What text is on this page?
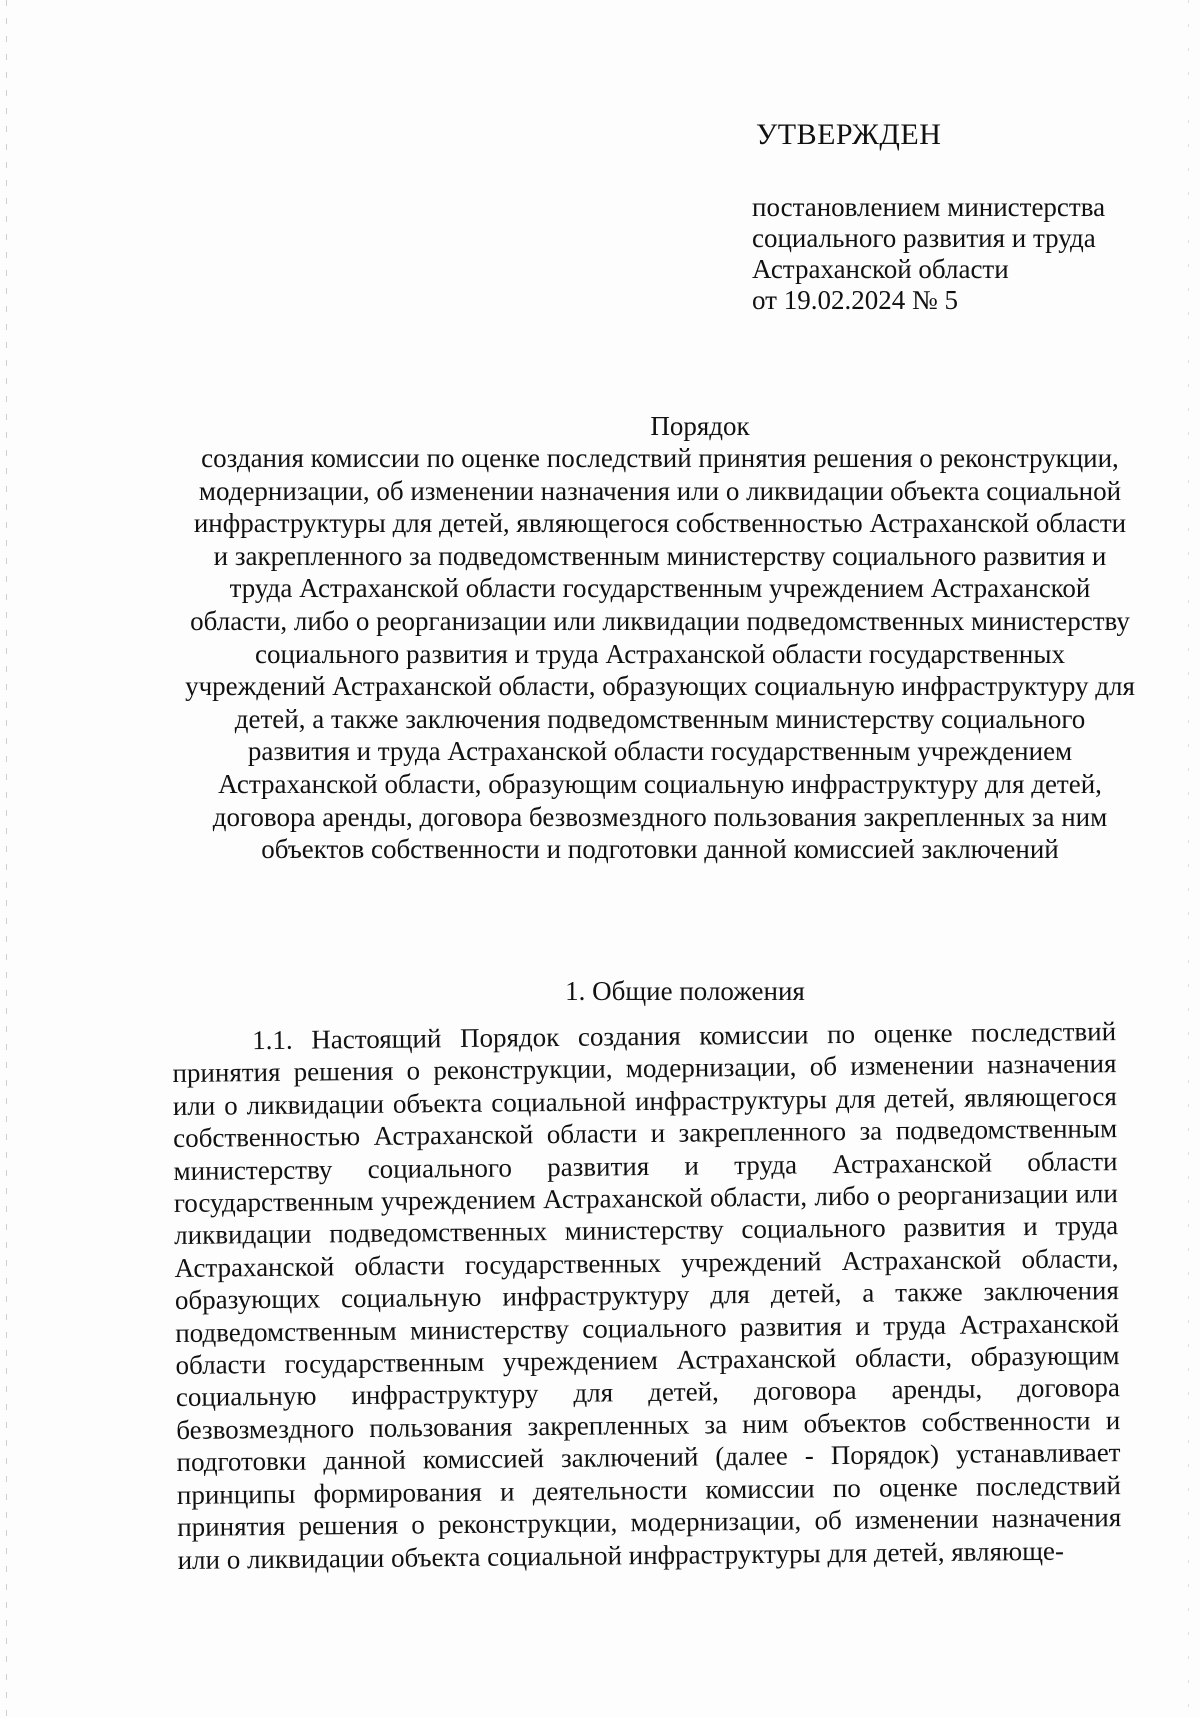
УТВЕРЖДЕН
постановлением министерства
социального развития и труда
Астраханской области
от 19.02.2024 № 5
Порядок

создания комиссии по оценке последствий принятия решения о реконструкции, модернизации, об изменении назначения или о ликвидации объекта социальной инфраструктуры для детей, являющегося собственностью Астраханской области и закрепленного за подведомственным министерству социального развития и труда Астраханской области государственным учреждением Астраханской области, либо о реорганизации или ликвидации подведомственных министерству социального развития и труда Астраханской области государственных учреждений Астраханской области, образующих социальную инфраструктуру для детей, а также заключения подведомственным министерству социального развития и труда Астраханской области государственным учреждением Астраханской области, образующим социальную инфраструктуру для детей, договора аренды, договора безвозмездного пользования закрепленных за ним объектов собственности и подготовки данной комиссией заключений

1. Общие положения

1.1. Настоящий Порядок создания комиссии по оценке последствий принятия решения о реконструкции, модернизации, об изменении назначения или о ликвидации объекта социальной инфраструктуры для детей, являющегося собственностью Астраханской области и закрепленного за подведомственным министерству социального развития и труда Астраханской области государственным учреждением Астраханской области, либо о реорганизации или ликвидации подведомственных министерству социального развития и труда Астраханской области государственных учреждений Астраханской области, образующих социальную инфраструктуру для детей, а также заключения подведомственным министерству социального развития и труда Астраханской области государственным учреждением Астраханской области, образующим социальную инфраструктуру для детей, договора аренды, договора безвозмездного пользования закрепленных за ним объектов собственности и подготовки данной комиссией заключений (далее - Порядок) устанавливает принципы формирования и деятельности комиссии по оценке последствий принятия решения о реконструкции, модернизации, об изменении назначения или о ликвидации объекта социальной инфраструктуры для детей, являюще-
